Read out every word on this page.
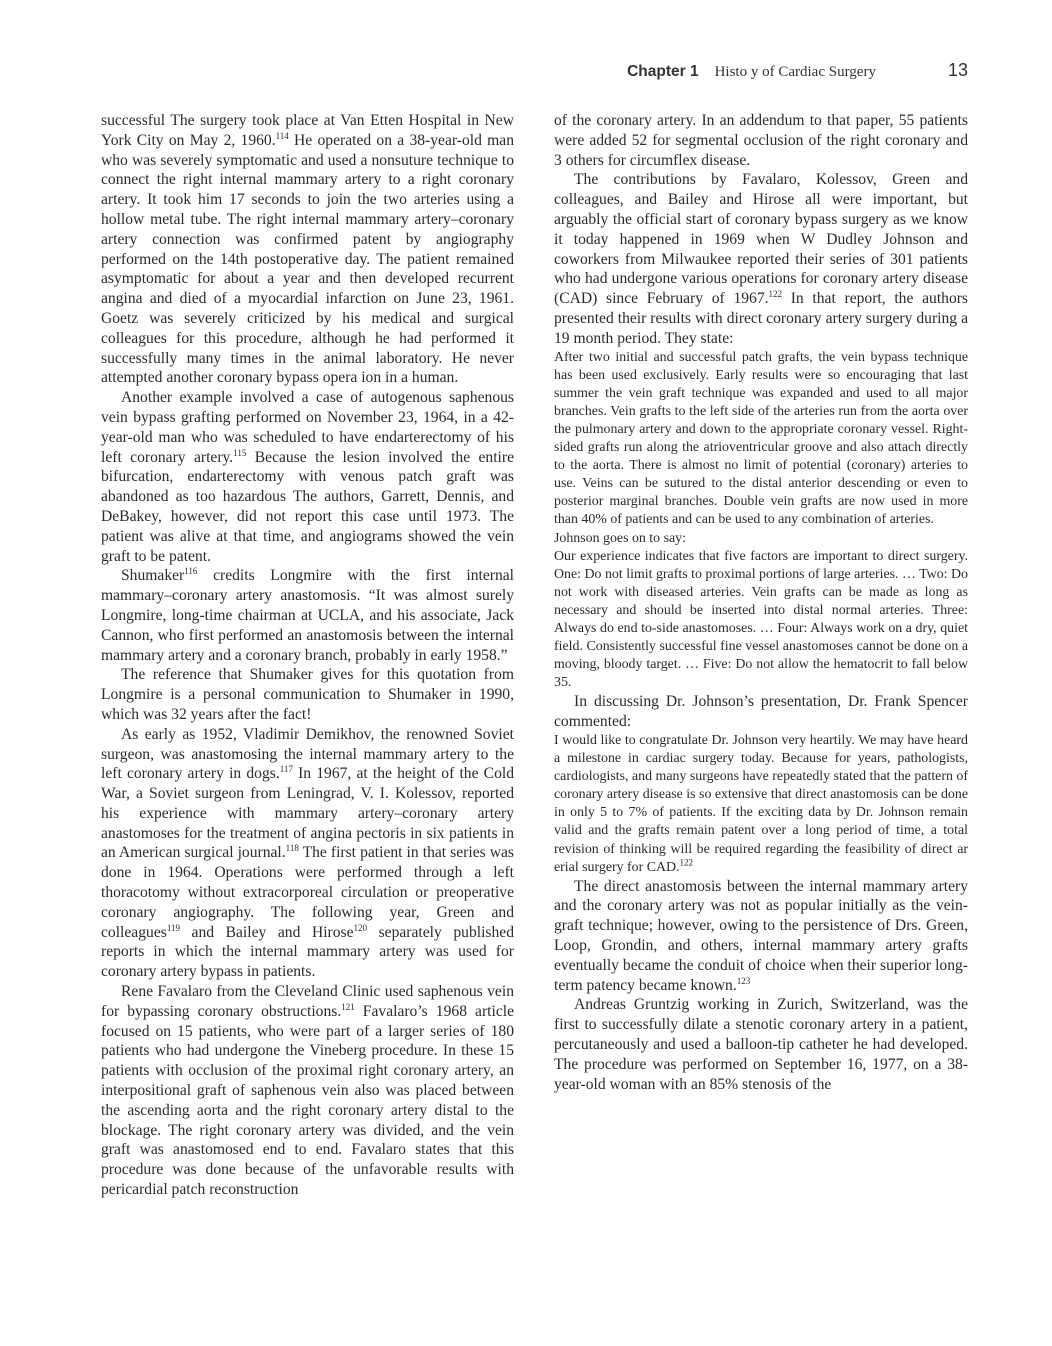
Chapter 1 Histo y of Cardiac Surgery	13

successful The surgery took place at Van Etten Hospital in New York City on May 2, 1960.$^{114}$ He operated on a 38-year-old man who was severely symptomatic and used a nonsuture technique to connect the right internal mammary artery to a right coronary artery. It took him 17 seconds to join the two arteries using a hollow metal tube. The right internal mammary artery–coronary artery connection was confirmed patent by angiography performed on the 14th postoperative day. The patient remained asymptomatic for about a year and then developed recurrent angina and died of a myocardial infarction on June 23, 1961. Goetz was severely criticized by his medical and surgical colleagues for this procedure, although he had performed it successfully many times in the animal laboratory. He never attempted another coronary bypass opera ion in a human.

Another example involved a case of autogenous saphenous vein bypass grafting performed on November 23, 1964, in a 42-year-old man who was scheduled to have endarterectomy of his left coronary artery.$^{115}$ Because the lesion involved the entire bifurcation, endarterectomy with venous patch graft was abandoned as too hazardous The authors, Garrett, Dennis, and DeBakey, however, did not report this case until 1973. The patient was alive at that time, and angiograms showed the vein graft to be patent.

Shumaker$^{116}$ credits Longmire with the first internal mammary–coronary artery anastomosis. “It was almost surely Longmire, long-time chairman at UCLA, and his associate, Jack Cannon, who first performed an anastomosis between the internal mammary artery and a coronary branch, probably in early 1958.”

The reference that Shumaker gives for this quotation from Longmire is a personal communication to Shumaker in 1990, which was 32 years after the fact!

As early as 1952, Vladimir Demikhov, the renowned Soviet surgeon, was anastomosing the internal mammary artery to the left coronary artery in dogs.$^{117}$ In 1967, at the height of the Cold War, a Soviet surgeon from Leningrad, V. I. Kolessov, reported his experience with mammary artery–coronary artery anastomoses for the treatment of angina pectoris in six patients in an American surgical journal.$^{118}$ The first patient in that series was done in 1964. Operations were performed through a left thoracotomy without extracorporeal circulation or preoperative coronary angiography. The following year, Green and colleagues$^{119}$ and Bailey and Hirose$^{120}$ separately published reports in which the internal mammary artery was used for coronary artery bypass in patients.

Rene Favalaro from the Cleveland Clinic used saphenous vein for bypassing coronary obstructions.$^{121}$ Favalaro’s 1968 article focused on 15 patients, who were part of a larger series of 180 patients who had undergone the Vineberg procedure. In these 15 patients with occlusion of the proximal right coronary artery, an interpositional graft of saphenous vein also was placed between the ascending aorta and the right coronary artery distal to the blockage. The right coronary artery was divided, and the vein graft was anastomosed end to end. Favalaro states that this procedure was done because of the unfavorable results with pericardial patch reconstruction

of the coronary artery. In an addendum to that paper, 55 patients were added 52 for segmental occlusion of the right coronary and 3 others for circumflex disease.

The contributions by Favalaro, Kolessov, Green and colleagues, and Bailey and Hirose all were important, but arguably the official start of coronary bypass surgery as we know it today happened in 1969 when W Dudley Johnson and coworkers from Milwaukee reported their series of 301 patients who had undergone various operations for coronary artery disease (CAD) since February of 1967.$^{122}$ In that report, the authors presented their results with direct coronary artery surgery during a 19 month period. They state:

After two initial and successful patch grafts, the vein bypass technique has been used exclusively. Early results were so encouraging that last summer the vein graft technique was expanded and used to all major branches. Vein grafts to the left side of the arteries run from the aorta over the pulmonary artery and down to the appropriate coronary vessel. Right-sided grafts run along the atrioventricular groove and also attach directly to the aorta. There is almost no limit of potential (coronary) arteries to use. Veins can be sutured to the distal anterior descending or even to posterior marginal branches. Double vein grafts are now used in more than 40% of patients and can be used to any combination of arteries.

Johnson goes on to say:

Our experience indicates that five factors are important to direct surgery. One: Do not limit grafts to proximal portions of large arteries. … Two: Do not work with diseased arteries. Vein grafts can be made as long as necessary and should be inserted into distal normal arteries. Three: Always do end to-side anastomoses. … Four: Always work on a dry, quiet field. Consistently successful fine vessel anastomoses cannot be done on a moving, bloody target. … Five: Do not allow the hematocrit to fall below 35.

In discussing Dr. Johnson’s presentation, Dr. Frank Spencer commented:

I would like to congratulate Dr. Johnson very heartily. We may have heard a milestone in cardiac surgery today. Because for years, pathologists, cardiologists, and many surgeons have repeatedly stated that the pattern of coronary artery disease is so extensive that direct anastomosis can be done in only 5 to 7% of patients. If the exciting data by Dr. Johnson remain valid and the grafts remain patent over a long period of time, a total revision of thinking will be required regarding the feasibility of direct ar erial surgery for CAD.$^{122}$

The direct anastomosis between the internal mammary artery and the coronary artery was not as popular initially as the vein-graft technique; however, owing to the persistence of Drs. Green, Loop, Grondin, and others, internal mammary artery grafts eventually became the conduit of choice when their superior long-term patency became known.$^{123}$

Andreas Gruntzig working in Zurich, Switzerland, was the first to successfully dilate a stenotic coronary artery in a patient, percutaneously and used a balloon-tip catheter he had developed. The procedure was performed on September 16, 1977, on a 38-year-old woman with an 85% stenosis of the
